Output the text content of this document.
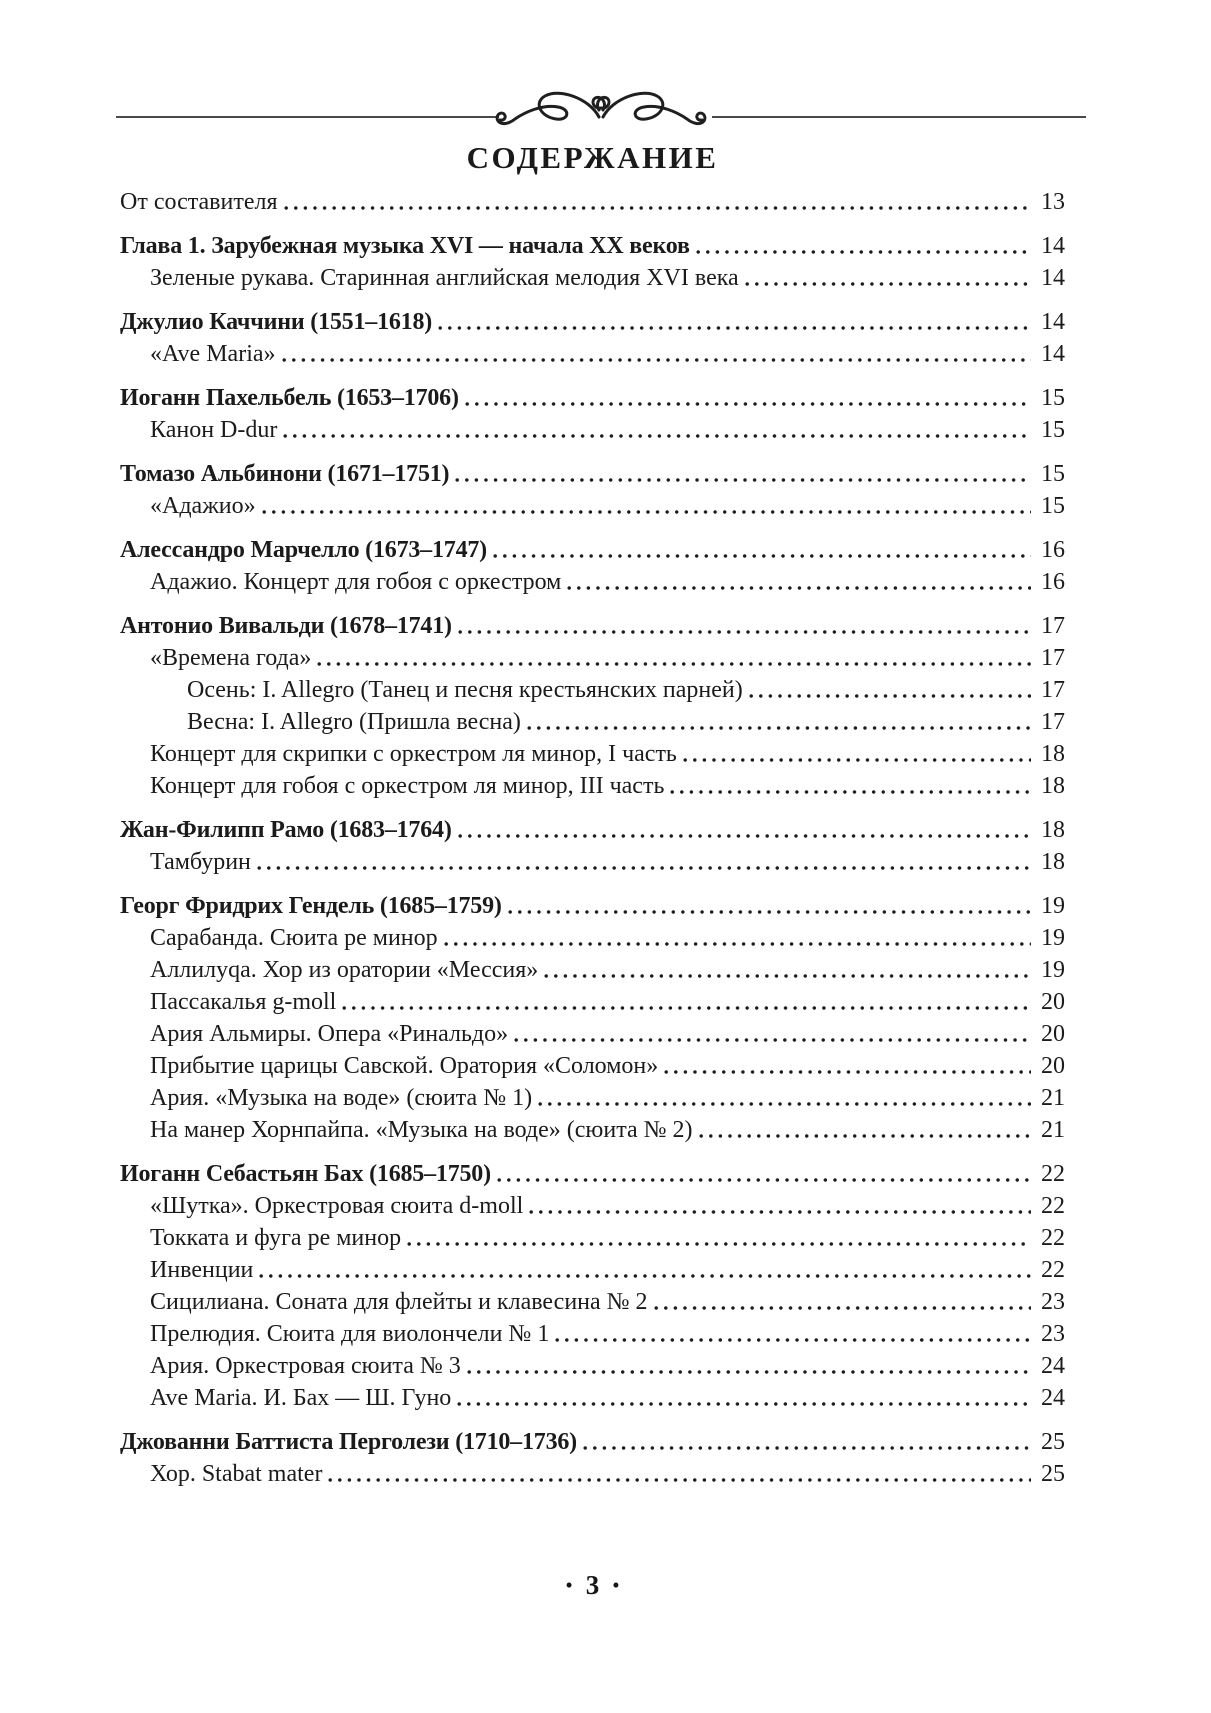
СОДЕРЖАНИЕ
От составителя	13
Глава 1. Зарубежная музыка XVI — начала XX веков	14
Зеленые рукава. Старинная английская мелодия XVI века	14
Джулио Каччини (1551–1618)	14
«Ave Maria»	14
Иоганн Пахельбель (1653–1706)	15
Канон D-dur	15
Томазо Альбинони (1671–1751)	15
«Адажио»	15
Алессандро Марчелло (1673–1747)	16
Адажио. Концерт для гобоя с оркестром	16
Антонио Вивальди (1678–1741)	17
«Времена года»	17
Осень: I. Allegro (Танец и песня крестьянских парней)	17
Весна: I. Allegro (Пришла весна)	17
Концерт для скрипки с оркестром ля минор, I часть	18
Концерт для гобоя с оркестром ля минор, III часть	18
Жан-Филипп Рамо (1683–1764)	18
Тамбурин	18
Георг Фридрих Гендель (1685–1759)	19
Сарабанда. Сюита ре минор	19
Аллилуqа. Хор из оратории «Мессия»	19
Пассакалья g-moll	20
Ария Альмиры. Опера «Ринальдо»	20
Прибытие царицы Савской. Оратория «Соломон»	20
Ария. «Музыка на воде» (сюита № 1)	21
На манер Хорнпайпа. «Музыка на воде» (сюита № 2)	21
Иоганн Себастьян Бах (1685–1750)	22
«Шутка». Оркестровая сюита d-moll	22
Токката и фуга ре минор	22
Инвенции	22
Сицилиана. Соната для флейты и клавесина № 2	23
Прелюдия. Сюита для виолончели № 1	23
Ария. Оркестровая сюита № 3	24
Ave Maria. И. Бах — Ш. Гуно	24
Джованни Баттиста Перголези (1710–1736)	25
Хор. Stabat mater	25
• 3 •
